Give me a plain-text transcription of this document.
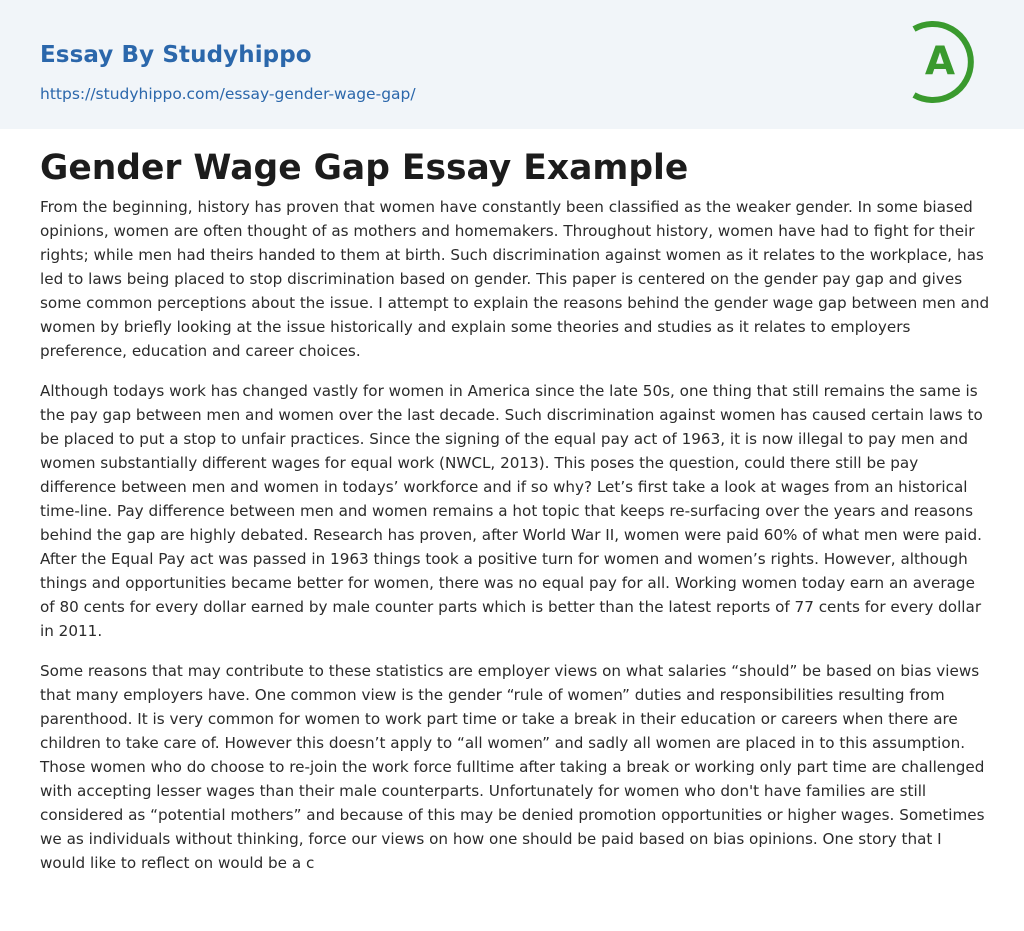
Essay By Studyhippo
https://studyhippo.com/essay-gender-wage-gap/
A
Gender Wage Gap Essay Example

From the beginning, history has proven that women have constantly been classified as the weaker gender. In some biased opinions, women are often thought of as mothers and homemakers. Throughout history, women have had to fight for their rights; while men had theirs handed to them at birth. Such discrimination against women as it relates to the workplace, has led to laws being placed to stop discrimination based on gender. This paper is centered on the gender pay gap and gives some common perceptions about the issue. I attempt to explain the reasons behind the gender wage gap between men and women by briefly looking at the issue historically and explain some theories and studies as it relates to employers preference, education and career choices.

Although todays work has changed vastly for women in America since the late 50s, one thing that still remains the same is the pay gap between men and women over the last decade. Such discrimination against women has caused certain laws to be placed to put a stop to unfair practices. Since the signing of the equal pay act of 1963, it is now illegal to pay men and women substantially different wages for equal work (NWCL, 2013). This poses the question, could there still be pay difference between men and women in todays’ workforce and if so why? Let’s first take a look at wages from an historical time-line. Pay difference between men and women remains a hot topic that keeps re-surfacing over the years and reasons behind the gap are highly debated. Research has proven, after World War II, women were paid 60% of what men were paid. After the Equal Pay act was passed in 1963 things took a positive turn for women and women’s rights. However, although things and opportunities became better for women, there was no equal pay for all. Working women today earn an average of 80 cents for every dollar earned by male counter parts which is better than the latest reports of 77 cents for every dollar in 2011.

Some reasons that may contribute to these statistics are employer views on what salaries “should” be based on bias views that many employers have. One common view is the gender “rule of women” duties and responsibilities resulting from parenthood. It is very common for women to work part time or take a break in their education or careers when there are children to take care of. However this doesn’t apply to “all women” and sadly all women are placed in to this assumption. Those women who do choose to re-join the work force fulltime after taking a break or working only part time are challenged with accepting lesser wages than their male counterparts. Unfortunately for women who don't have families are still considered as “potential mothers” and because of this may be denied promotion opportunities or higher wages. Sometimes we as individuals without thinking, force our views on how one should be paid based on bias opinions. One story that I would like to reflect on would be a c
